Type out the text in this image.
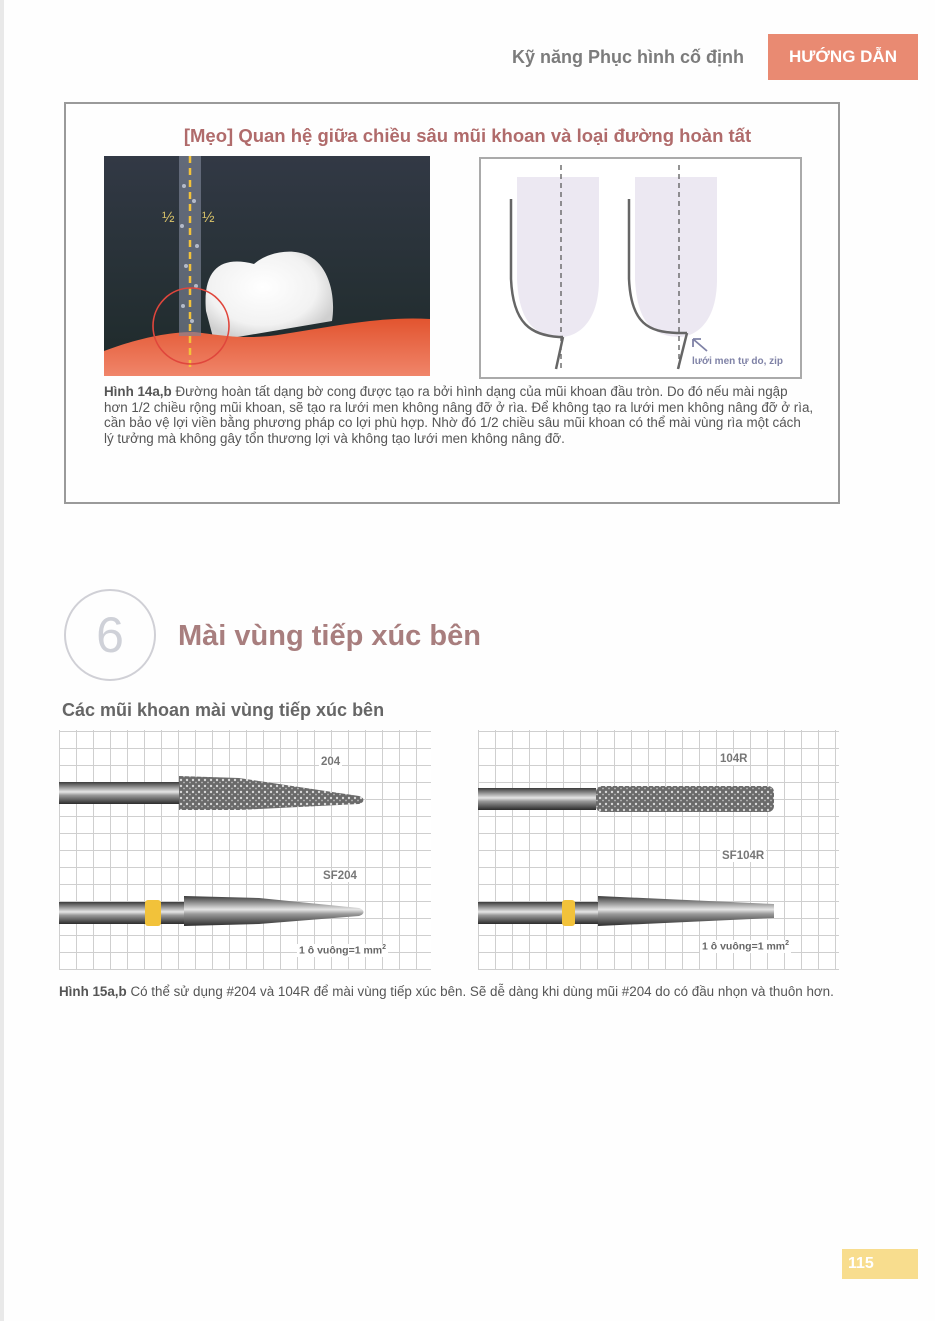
Kỹ năng Phục hình cố định	HƯỚNG DẪN
[Mẹo] Quan hệ giữa chiều sâu mũi khoan và loại đường hoàn tất
½ ½
lưới men tự do, zip
Hình 14a,b Đường hoàn tất dạng bờ cong được tạo ra bởi hình dạng của mũi khoan đầu tròn. Do đó nếu mài ngập hơn 1/2 chiều rộng mũi khoan, sẽ tạo ra lưới men không nâng đỡ ở rìa. Để không tạo ra lưới men không nâng đỡ ở rìa, cần bảo vệ lợi viền bằng phương pháp co lợi phù hợp. Nhờ đó 1/2 chiều sâu mũi khoan có thể mài vùng rìa một cách lý tưởng mà không gây tổn thương lợi và không tạo lưới men không nâng đỡ.
6	Mài vùng tiếp xúc bên
Các mũi khoan mài vùng tiếp xúc bên
204
SF204
1 ô vuông=1 $mm^2$
104R
SF104R
1 ô vuông=1 $mm^2$
Hình 15a,b Có thể sử dụng #204 và 104R để mài vùng tiếp xúc bên. Sẽ dễ dàng khi dùng mũi #204 do có đầu nhọn và thuôn hơn.
115
